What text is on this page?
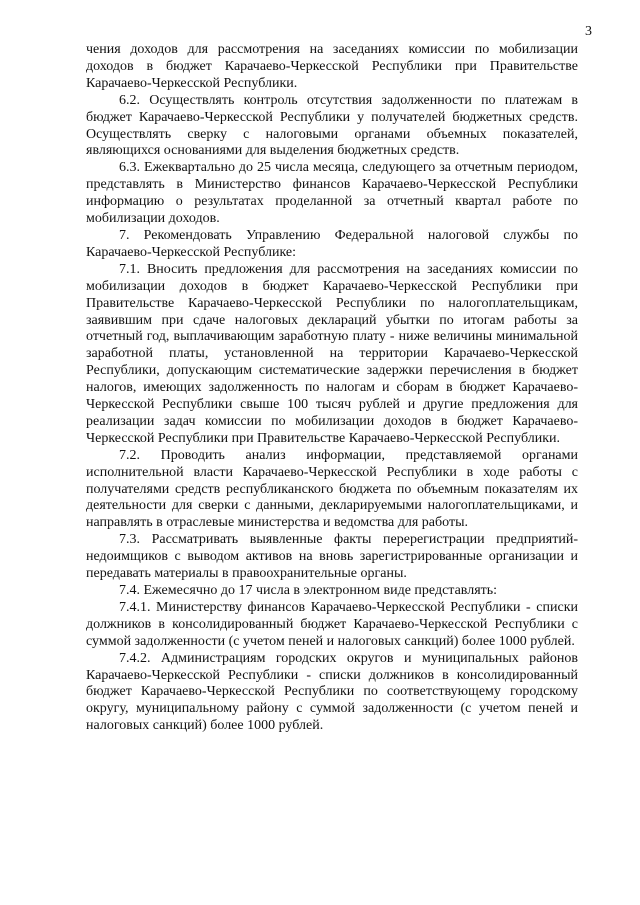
3

чения доходов для рассмотрения на заседаниях комиссии по мобилизации доходов в бюджет Карачаево-Черкесской Республики при Правительстве Карачаево-Черкесской Республики.

6.2. Осуществлять контроль отсутствия задолженности по платежам в бюджет Карачаево-Черкесской Республики у получателей бюджетных средств. Осуществлять сверку с налоговыми органами объемных показателей, являющихся основаниями для выделения бюджетных средств.

6.3. Ежеквартально до 25 числа месяца, следующего за отчетным периодом, представлять в Министерство финансов Карачаево-Черкесской Республики информацию о результатах проделанной за отчетный квартал работе по мобилизации доходов.

7. Рекомендовать Управлению Федеральной налоговой службы по Карачаево-Черкесской Республике:

7.1. Вносить предложения для рассмотрения на заседаниях комиссии по мобилизации доходов в бюджет Карачаево-Черкесской Республики при Правительстве Карачаево-Черкесской Республики по налогоплательщикам, заявившим при сдаче налоговых деклараций убытки по итогам работы за отчетный год, выплачивающим заработную плату - ниже величины минимальной заработной платы, установленной на территории Карачаево-Черкесской Республики, допускающим систематические задержки перечисления в бюджет налогов, имеющих задолженность по налогам и сборам в бюджет Карачаево-Черкесской Республики свыше 100 тысяч рублей и другие предложения для реализации задач комиссии по мобилизации доходов в бюджет Карачаево-Черкесской Республики при Правительстве Карачаево-Черкесской Республики.

7.2. Проводить анализ информации, представляемой органами исполнительной власти Карачаево-Черкесской Республики в ходе работы с получателями средств республиканского бюджета по объемным показателям их деятельности для сверки с данными, декларируемыми налогоплательщиками, и направлять в отраслевые министерства и ведомства для работы.

7.3. Рассматривать выявленные факты перерегистрации предприятий-недоимщиков с выводом активов на вновь зарегистрированные организации и передавать материалы в правоохранительные органы.

7.4. Ежемесячно до 17 числа в электронном виде представлять:

7.4.1. Министерству финансов Карачаево-Черкесской Республики - списки должников в консолидированный бюджет Карачаево-Черкесской Республики с суммой задолженности (с учетом пеней и налоговых санкций) более 1000 рублей.

7.4.2. Администрациям городских округов и муниципальных районов Карачаево-Черкесской Республики - списки должников в консолидированный бюджет Карачаево-Черкесской Республики по соответствующему городскому округу, муниципальному району с суммой задолженности (с учетом пеней и налоговых санкций) более 1000 рублей.
